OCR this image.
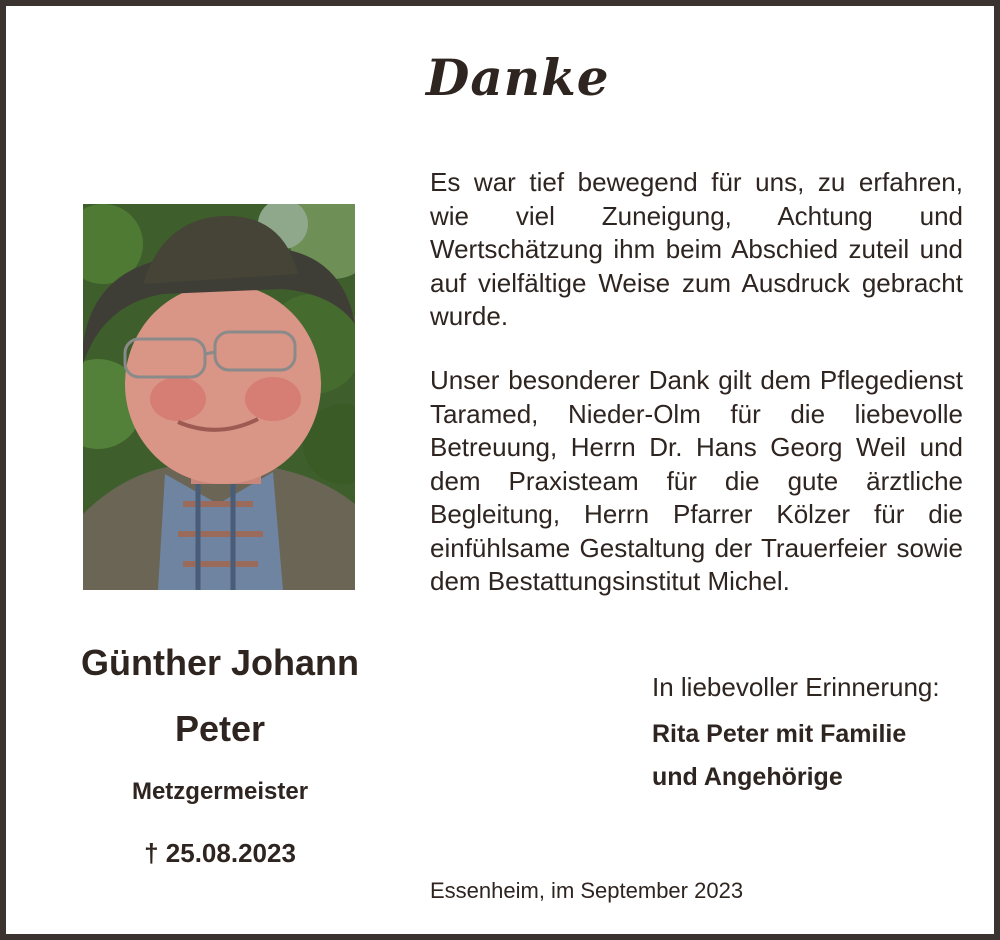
Danke
Es war tief bewegend für uns, zu erfahren, wie viel Zuneigung, Achtung und Wertschätzung ihm beim Abschied zuteil und auf vielfältige Weise zum Ausdruck gebracht wurde.
Unser besonderer Dank gilt dem Pflegedienst Taramed, Nieder-Olm für die liebevolle Betreuung, Herrn Dr. Hans Georg Weil und dem Praxisteam für die gute ärztliche Begleitung, Herrn Pfarrer Kölzer für die einfühlsame Gestaltung der Trauerfeier sowie dem Bestattungsinstitut Michel.
Günther Johann
Peter
Metzgermeister
† 25.08.2023
In liebevoller Erinnerung:
Rita Peter mit Familie
und Angehörige
Essenheim, im September 2023
